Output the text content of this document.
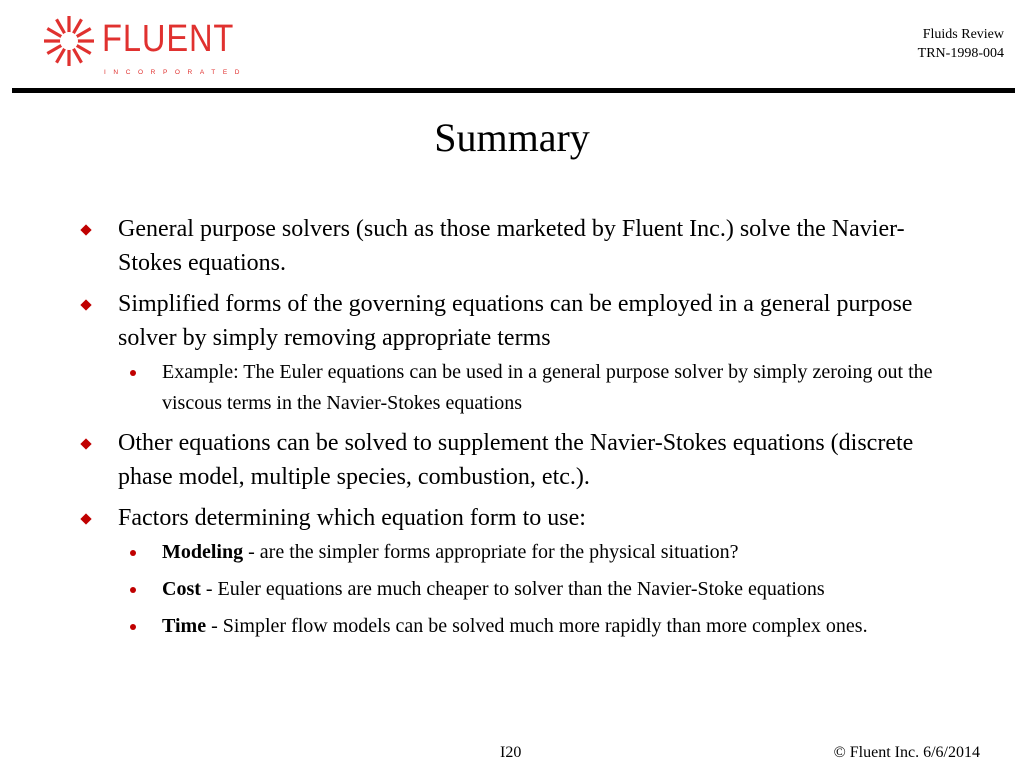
FLUENT
INCORPORATED
Fluids Review
TRN-1998-004
Summary
General purpose solvers (such as those marketed by Fluent Inc.) solve the Navier-Stokes equations.
Simplified forms of the governing equations can be employed in a general purpose solver by simply removing appropriate terms
Example: The Euler equations can be used in a general purpose solver by simply zeroing out the viscous terms in the Navier-Stokes equations
Other equations can be solved to supplement the Navier-Stokes equations (discrete phase model, multiple species, combustion, etc.).
Factors determining which equation form to use:
Modeling - are the simpler forms appropriate for the physical situation?
Cost - Euler equations are much cheaper to solver than the Navier-Stoke equations
Time - Simpler flow models can be solved much more rapidly than more complex ones.
I20	© Fluent Inc. 6/6/2014
